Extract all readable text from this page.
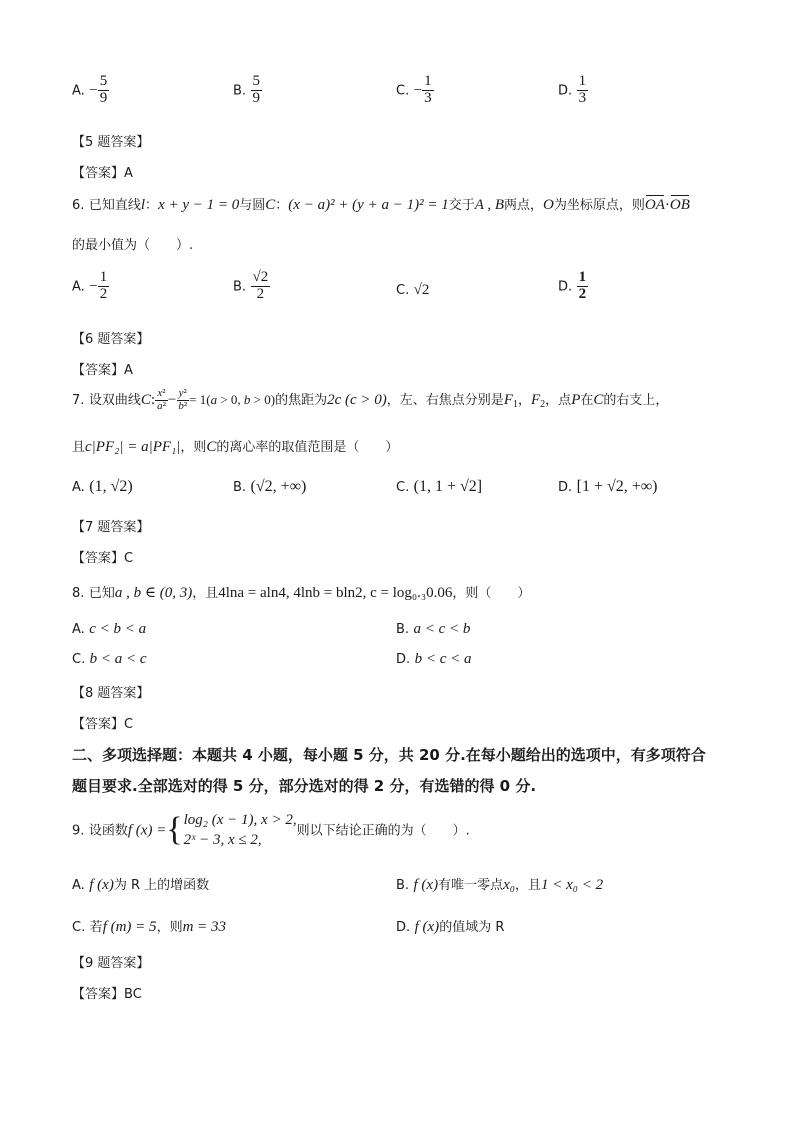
A. − $\frac{5}{9}$	B. $\frac{5}{9}$	C. − $\frac{1}{3}$	D. $\frac{1}{3}$
【5 题答案】
【答案】A
6. 已知直线l：x + y − 1 = 0与圆C：(x − a)² + (y + a − 1)² = 1交于A , B两点，O为坐标原点，则OA·OB
的最小值为（　　）.
A. − $\frac{1}{2}$	B. $\frac{√2}{2}$	C. √2	D. $\frac{1}{2}$
【6 题答案】
【答案】A
7. 设双曲线C: $\frac{\text{x²}}{\text{a²}} - \frac{\text{y²}}{\text{b²}} = 1(a > 0$, b > 0)的焦距为2c (c > 0)，左、右焦点分别是$F_1$，$F_2$，点P在C的右支上，
且c|PF₂| = a|PF₁|，则C的离心率的取值范围是（　　）
A. (1, √2)	B. (√2, +∞)	C. (1, 1 + √2]	D. [1 + √2, +∞)
【7 题答案】
【答案】C
8. 已知a , b ∈ (0, 3)，且4lna = aln4, 4lnb = bln2, c = log₀.₃0.06，则（　　）
A. c < b < a	B. a < c < b
C. b < a < c	D. b < c < a
【8 题答案】
【答案】C
二、多项选择题：本题共 4 小题，每小题 5 分，共 20 分.在每小题给出的选项中，有多项符合
题目要求.全部选对的得 5 分，部分选对的得 2 分，有选错的得 0 分.
9. 设函数f (x) = { log₂ (x − 1), x > 2,
2ˣ − 3, x ≤ 2,
则以下结论正确的为（　　）.
A. f (x)为 R 上的增函数	B. f (x)有唯一零点x₀，且1 < x₀ < 2
C. 若f (m) = 5，则m = 33	D. f (x)的值域为 R
【9 题答案】
【答案】BC
